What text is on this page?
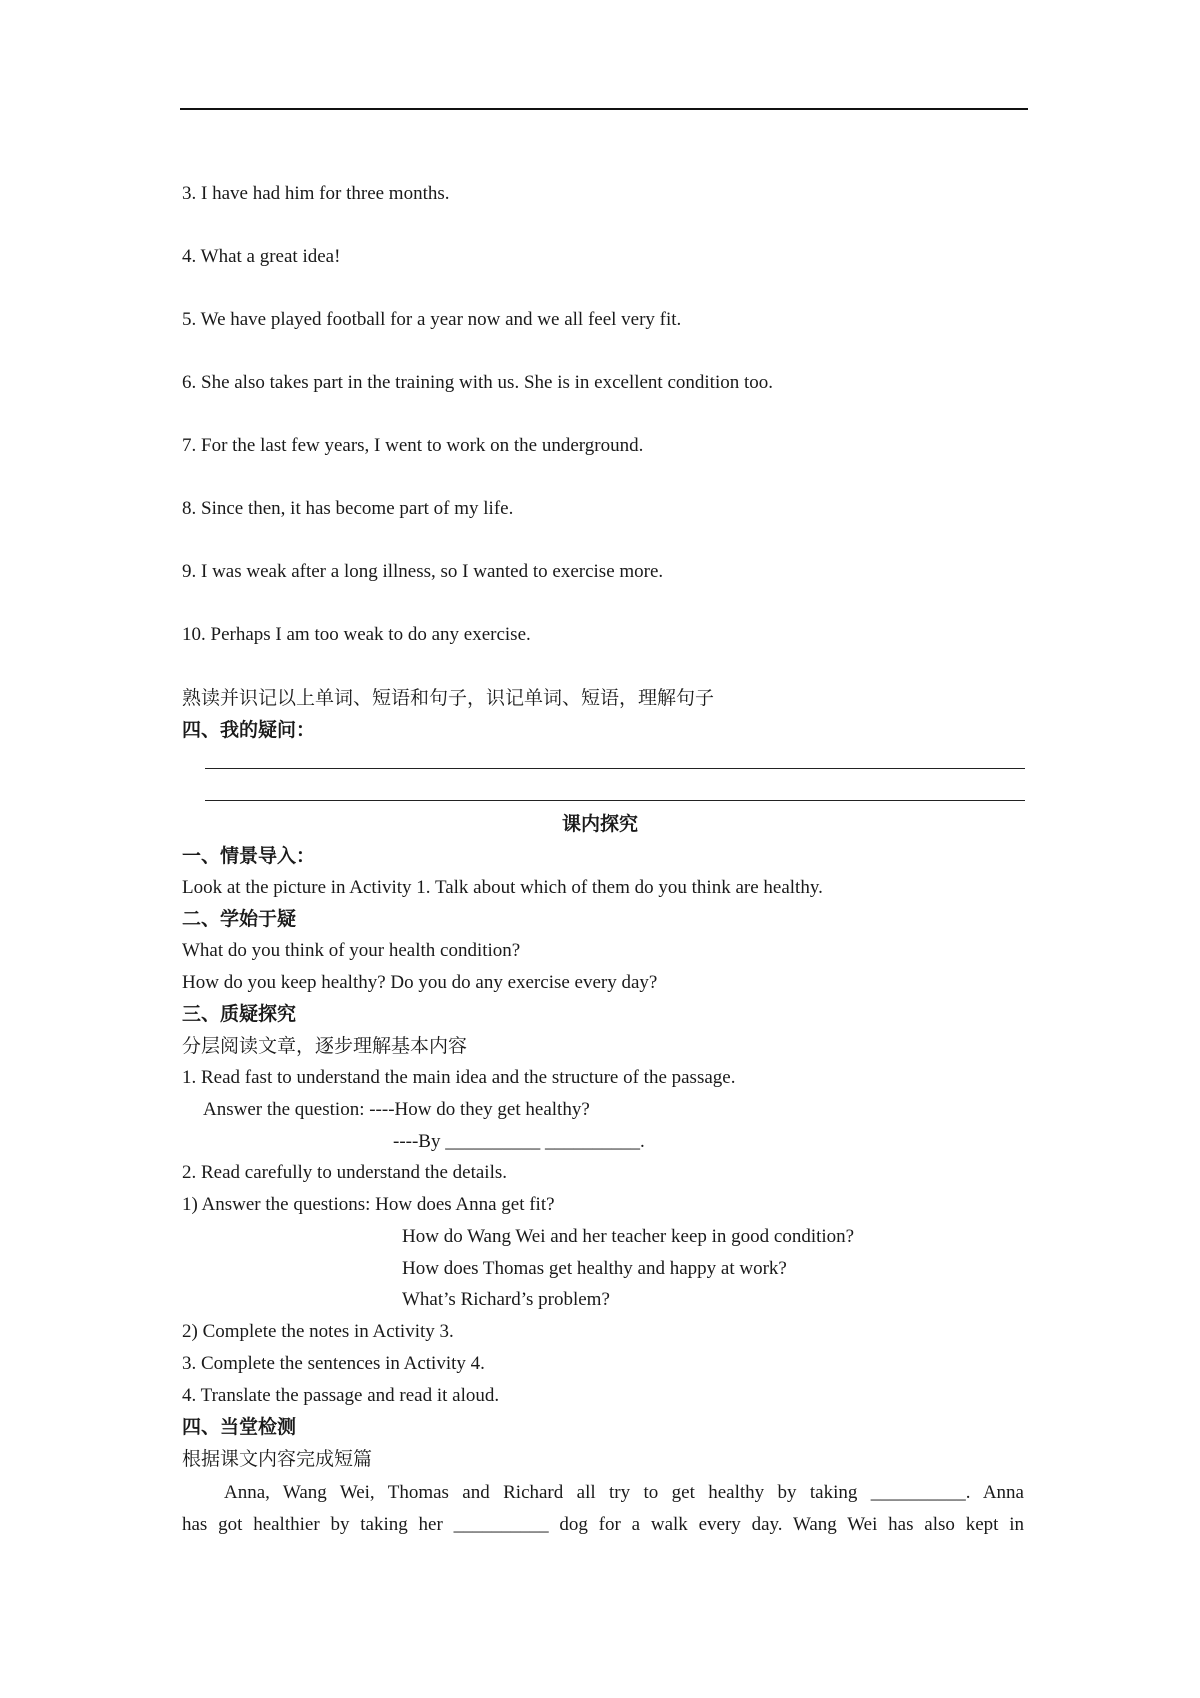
3. I have had him for three months.
4. What a great idea!
5. We have played football for a year now and we all feel very fit.
6. She also takes part in the training with us. She is in excellent condition too.
7. For the last few years, I went to work on the underground.
8. Since then, it has become part of my life.
9. I was weak after a long illness, so I wanted to exercise more.
10. Perhaps I am too weak to do any exercise.
熟读并识记以上单词、短语和句子，识记单词、短语，理解句子
四、我的疑问：
课内探究
一、情景导入：
Look at the picture in Activity 1. Talk about which of them do you think are healthy.
二、学始于疑
What do you think of your health condition?
How do you keep healthy? Do you do any exercise every day?
三、质疑探究
分层阅读文章，逐步理解基本内容
1. Read fast to understand the main idea and the structure of the passage.
Answer the question: ----How do they get healthy?
----By __________ __________.
2. Read carefully to understand the details.
1) Answer the questions: How does Anna get fit?
How do Wang Wei and her teacher keep in good condition?
How does Thomas get healthy and happy at work?
What’s Richard’s problem?
2) Complete the notes in Activity 3.
3. Complete the sentences in Activity 4.
4. Translate the passage and read it aloud.
四、当堂检测
根据课文内容完成短篇
Anna, Wang Wei, Thomas and Richard all try to get healthy by taking __________. Anna
has got healthier by taking her __________ dog for a walk every day. Wang Wei has also kept in
